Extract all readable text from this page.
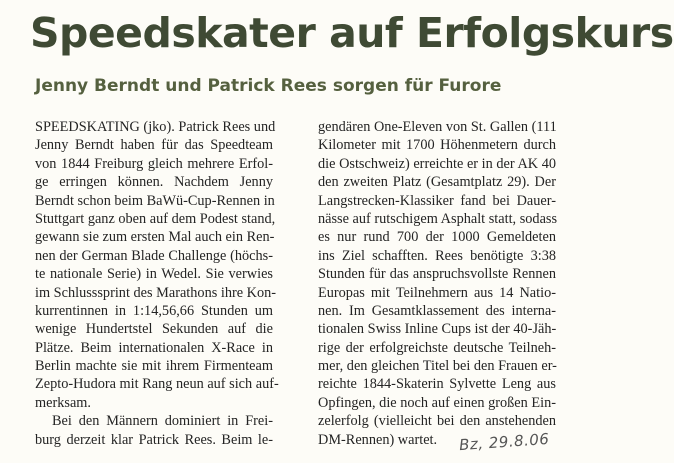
Speedskater auf Erfolgskurs
Jenny Berndt und Patrick Rees sorgen für Furore
SPEEDSKATING (jko). Patrick Rees und
Jenny Berndt haben für das Speedteam
von 1844 Freiburg gleich mehrere Erfol-
ge erringen können. Nachdem Jenny
Berndt schon beim BaWü-Cup-Rennen in
Stuttgart ganz oben auf dem Podest stand,
gewann sie zum ersten Mal auch ein Ren-
nen der German Blade Challenge (höchs-
te nationale Serie) in Wedel. Sie verwies
im Schlusssprint des Marathons ihre Kon-
kurrentinnen in 1:14,56,66 Stunden um
wenige Hundertstel Sekunden auf die
Plätze. Beim internationalen X-Race in
Berlin machte sie mit ihrem Firmenteam
Zepto-Hudora mit Rang neun auf sich auf-
merksam.
Bei den Männern dominiert in Frei-
burg derzeit klar Patrick Rees. Beim le-
gendären One-Eleven von St. Gallen (111
Kilometer mit 1700 Höhenmetern durch
die Ostschweiz) erreichte er in der AK 40
den zweiten Platz (Gesamtplatz 29). Der
Langstrecken-Klassiker fand bei Dauer-
nässe auf rutschigem Asphalt statt, sodass
es nur rund 700 der 1000 Gemeldeten
ins Ziel schafften. Rees benötigte 3:38
Stunden für das anspruchsvollste Rennen
Europas mit Teilnehmern aus 14 Natio-
nen. Im Gesamtklassement des interna-
tionalen Swiss Inline Cups ist der 40-Jäh-
rige der erfolgreichste deutsche Teilneh-
mer, den gleichen Titel bei den Frauen er-
reichte 1844-Skaterin Sylvette Leng aus
Opfingen, die noch auf einen großen Ein-
zelerfolg (vielleicht bei den anstehenden
DM-Rennen) wartet.	Bz, 29.8.06
